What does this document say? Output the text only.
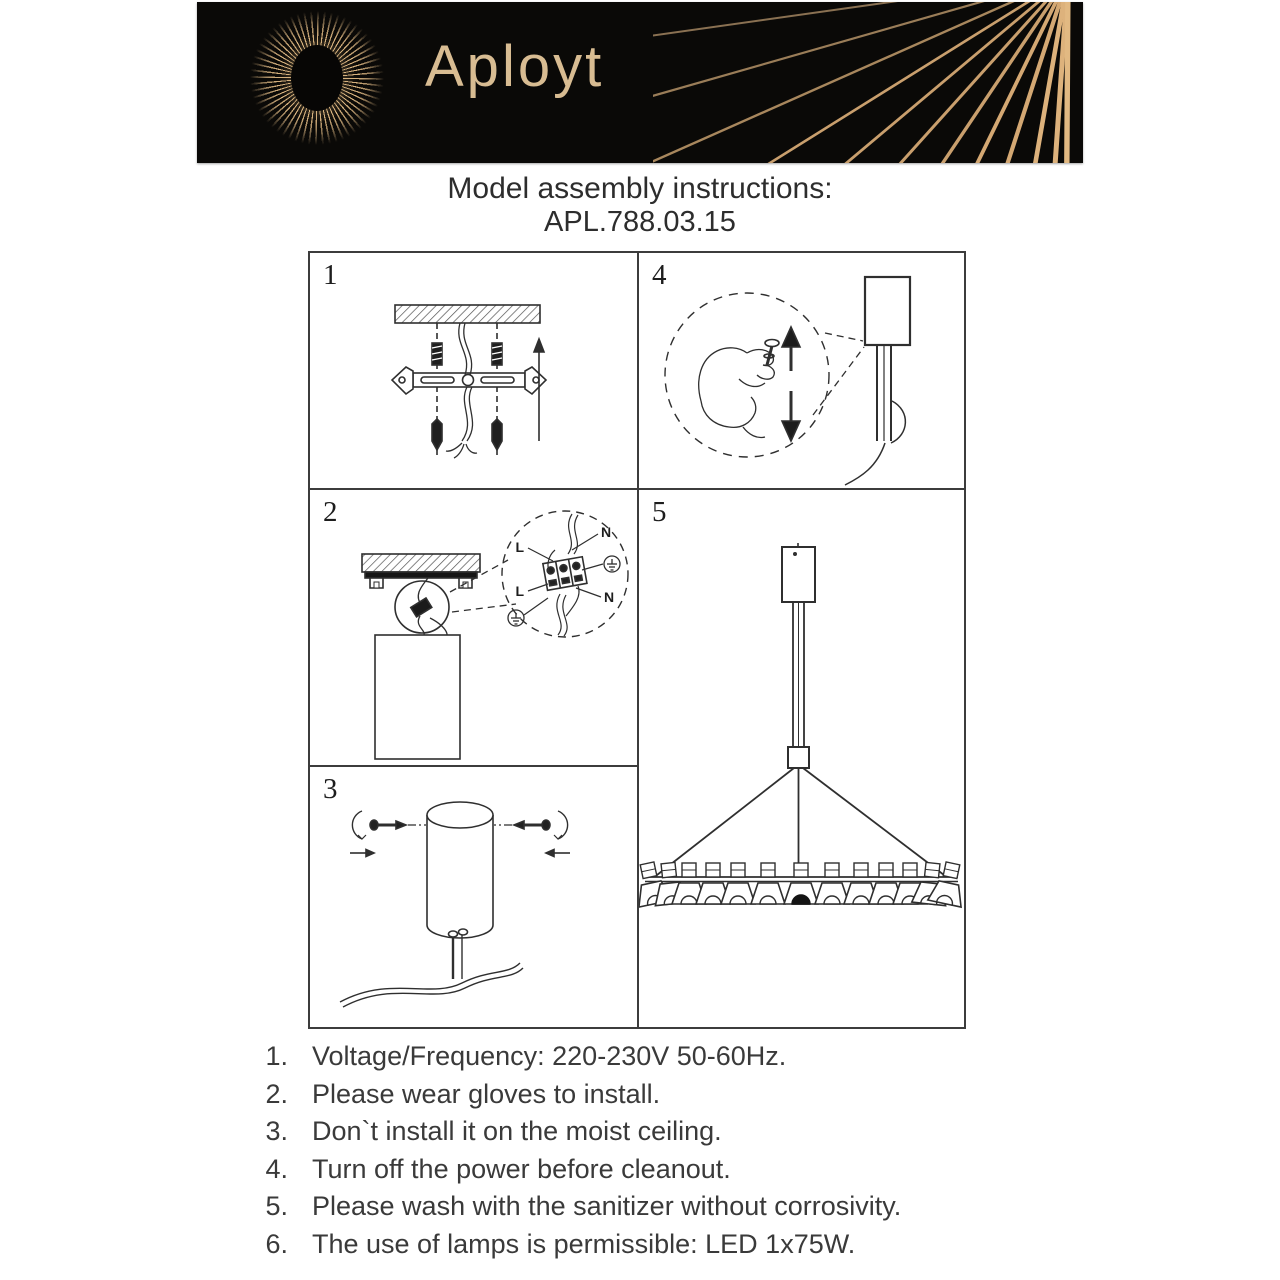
Aployt
Model assembly instructions:
APL.788.03.15
1
L
N
L	N
2
3
4
5
1. Voltage/Frequency: 220-230V 50-60Hz.
2. Please wear gloves to install.
3. Don`t install it on the moist ceiling.
4. Turn off the power before cleanout.
5. Please wash with the sanitizer without corrosivity.
6. The use of lamps is permissible: LED 1x75W.
